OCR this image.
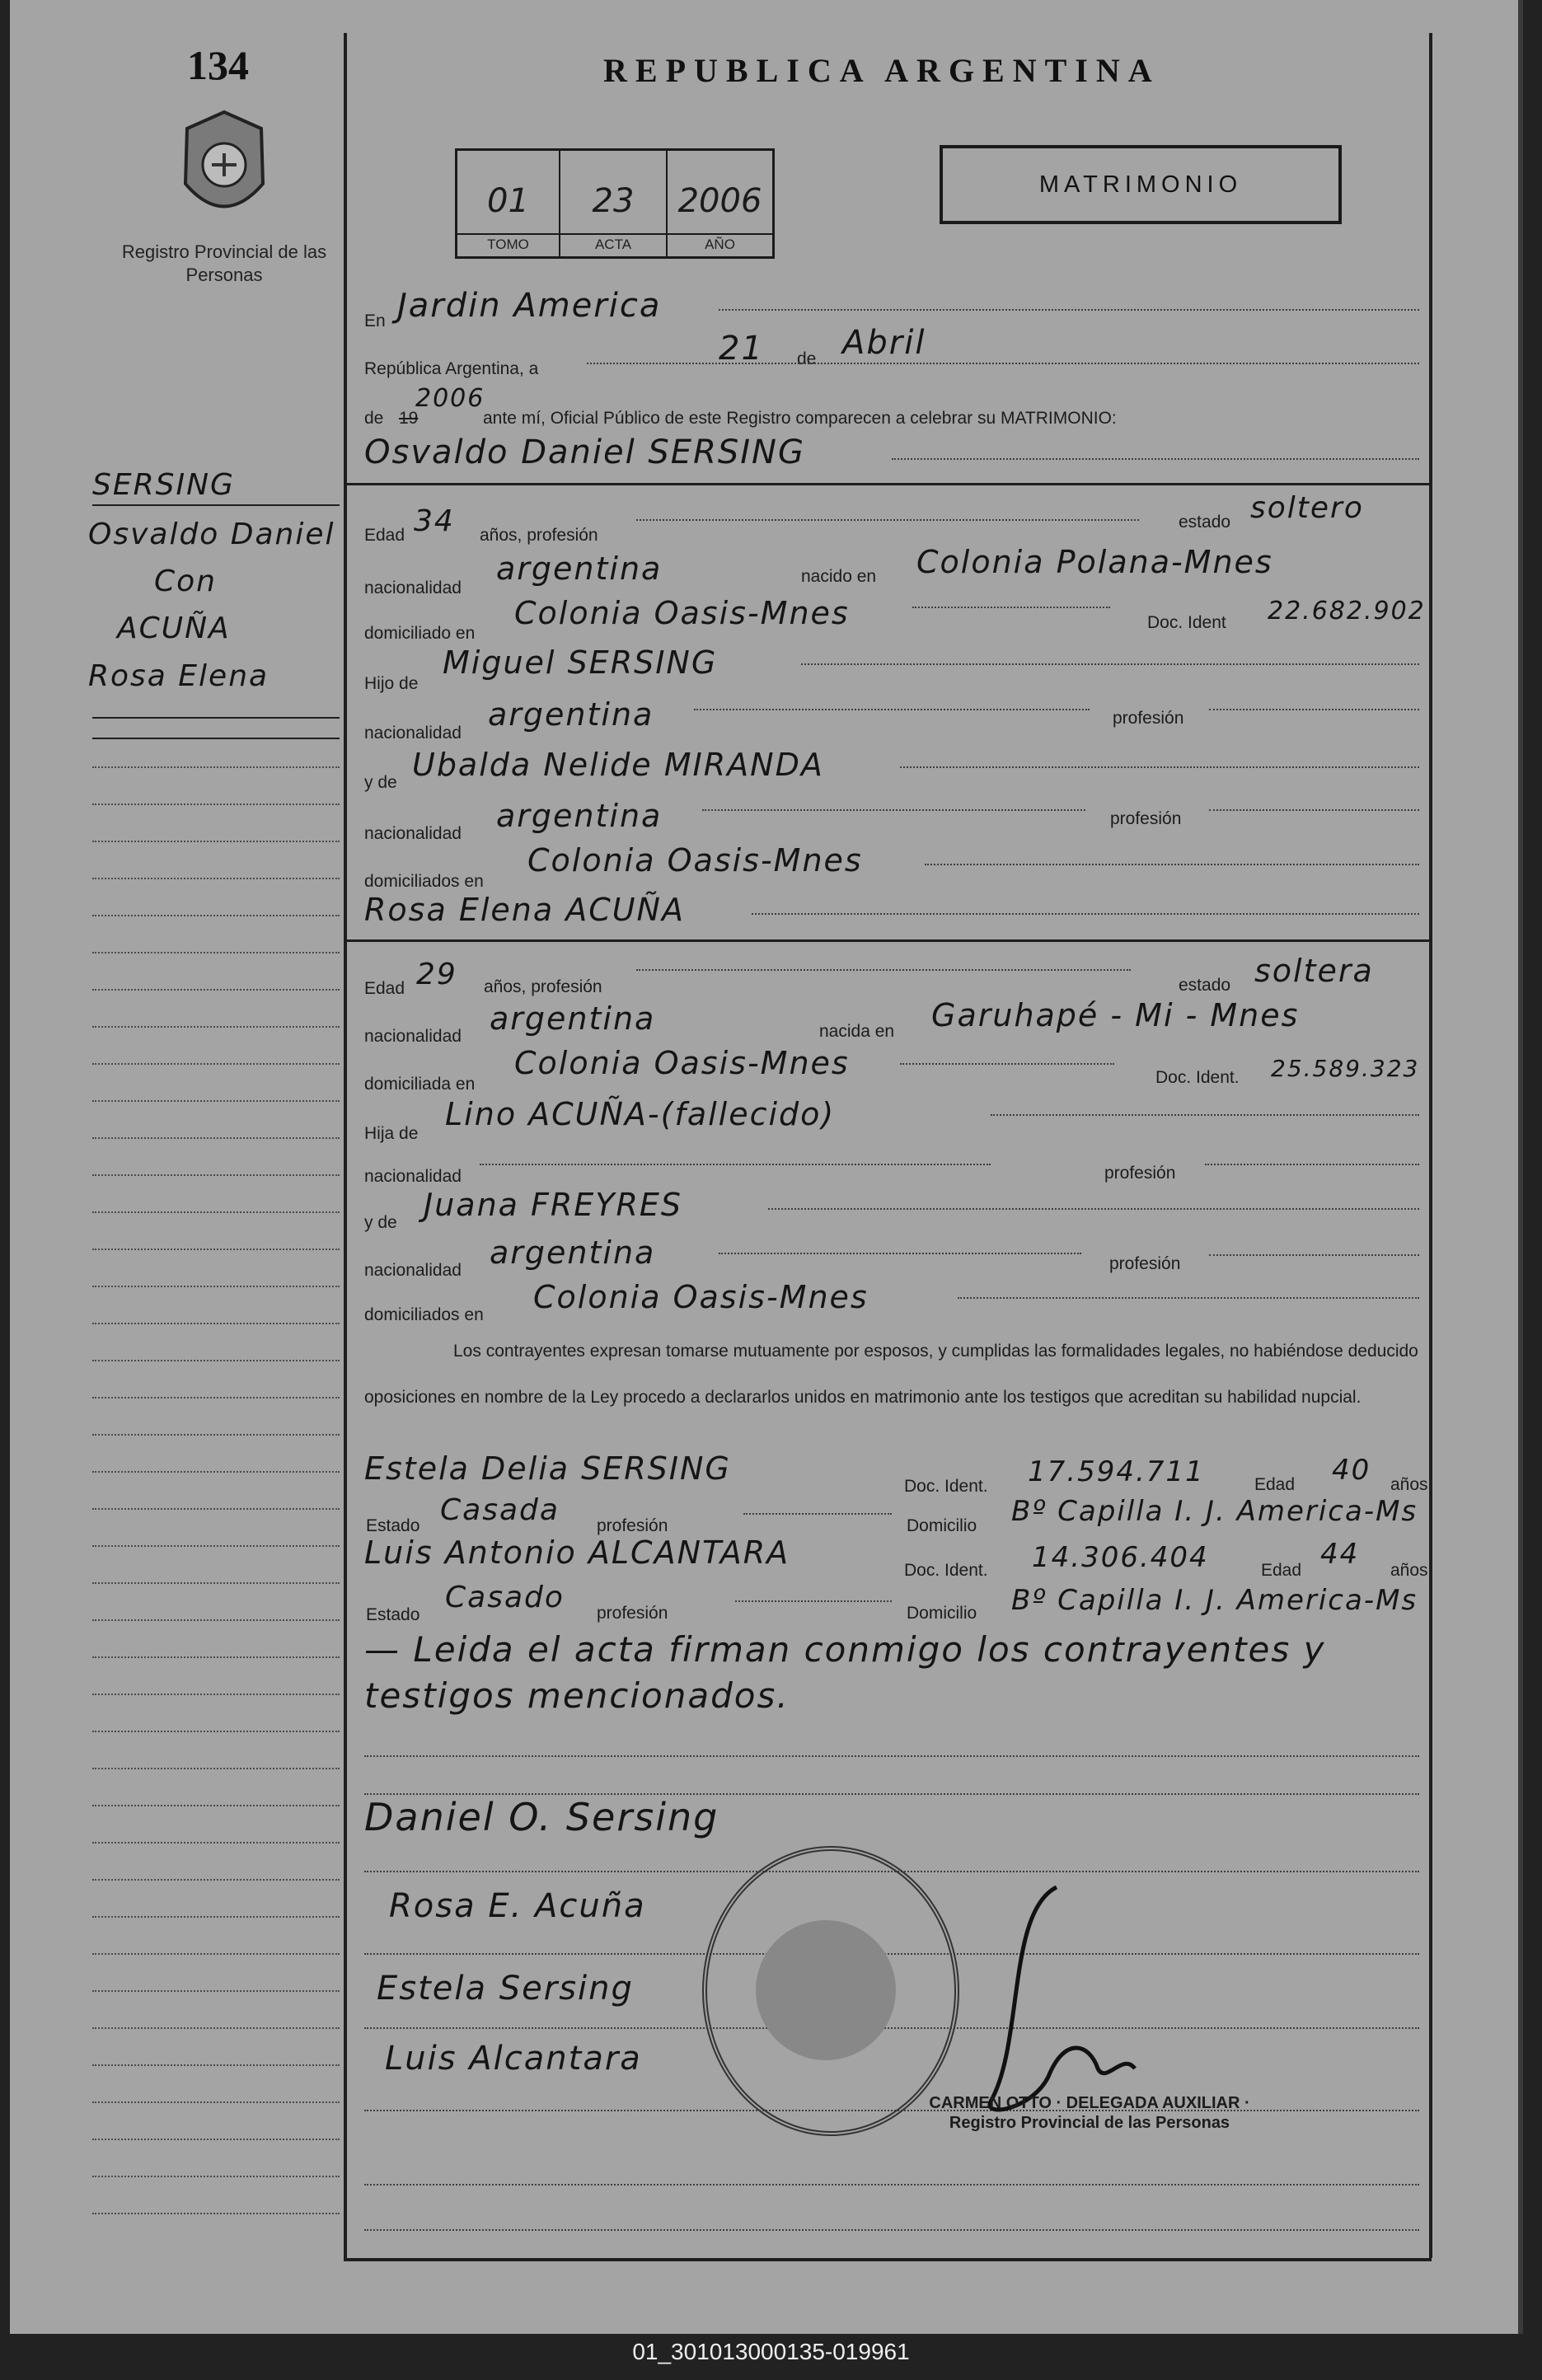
134
Registro Provincial de las Personas
REPUBLICA ARGENTINA
01
TOMO
23
ACTA
2006
AÑO
MATRIMONIO
SERSING
Osvaldo Daniel
Con
ACUÑA
Rosa Elena
En Jardin America
República Argentina, a
21 de Abril
de 19
2006
ante mí, Oficial Público de este Registro comparecen a celebrar su MATRIMONIO:
Osvaldo Daniel SERSING
Edad 34 años, profesión
estado soltero
nacionalidad
argentina	nacido en Colonia Polana-Mnes
domiciliado en
Colonia Oasis-Mnes	Doc. Ident 22.682.902
Hijo de
Miguel SERSING
nacionalidad
argentina	profesión
y de Ubalda Nelide MIRANDA
nacionalidad argentina	profesión
domiciliados en
Colonia Oasis-Mnes
Rosa Elena ACUÑA
Edad 29 años, profesión	estado soltera
nacionalidad argentina	nacida en Garuhapé - Mi - Mnes
domiciliada en
Colonia Oasis-Mnes	Doc. Ident. 25.589.323
Hija de
Lino ACUÑA-(fallecido)
nacionalidad	profesión
y de Juana FREYRES
nacionalidad argentina	profesión
domiciliados en Colonia Oasis-Mnes
Los contrayentes expresan tomarse mutuamente por esposos, y cumplidas las formalidades legales, no habiéndose deducido oposiciones en nombre de la Ley procedo a declararlos unidos en matrimonio ante los testigos que acreditan su habilidad nupcial.
Estela Delia SERSING	Doc. Ident. 17.594.711	Edad 40 años
Estado Casada profesión	Domicilio Bº Capilla I. J. America-Ms
Luis Antonio ALCANTARA	Doc. Ident. 14.306.404	Edad 44 años
Estado
Casado profesión	Domicilio Bº Capilla I. J. America-Ms
— Leida el acta firman conmigo los contrayentes y testigos mencionados.
Daniel O. Sersing
Rosa E. Acuña
Estela Sersing
Luis Alcantara
CARMEN OTTO · DELEGADA AUXILIAR · Registro Provincial de las Personas
01_301013000135-019961
